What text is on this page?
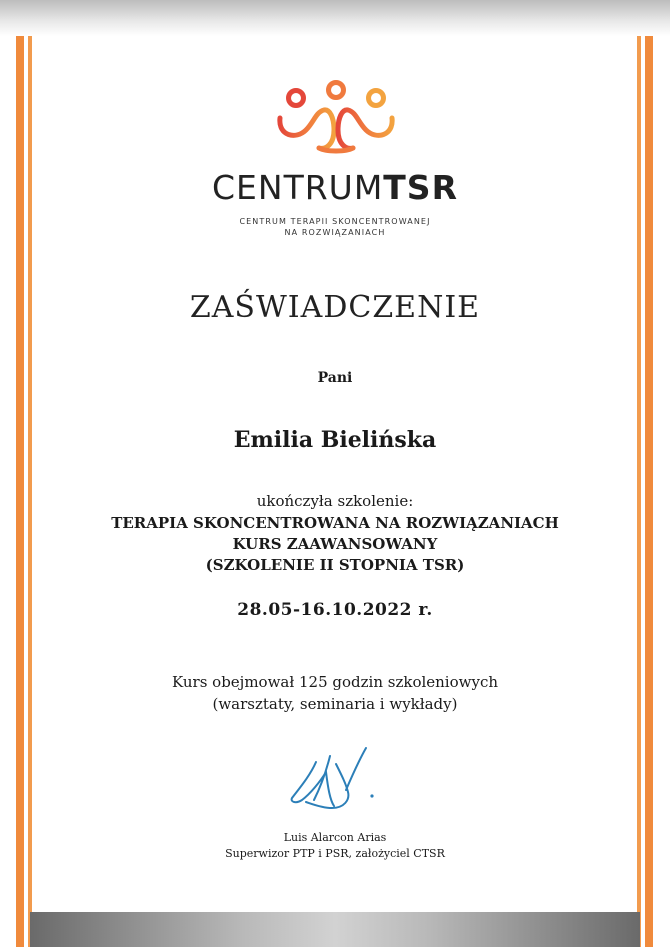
CENTRUMTSR
CENTRUM TERAPII SKONCENTROWANEJ
NA ROZWIĄZANIACH
ZAŚWIADCZENIE
Pani
Emilia Bielińska
ukończyła szkolenie:
TERAPIA SKONCENTROWANA NA ROZWIĄZANIACH
KURS ZAAWANSOWANY
(SZKOLENIE II STOPNIA TSR)
28.05-16.10.2022 r.
Kurs obejmował 125 godzin szkoleniowych
(warsztaty, seminaria i wykłady)
Luis Alarcon Arias
Superwizor PTP i PSR, założyciel CTSR
